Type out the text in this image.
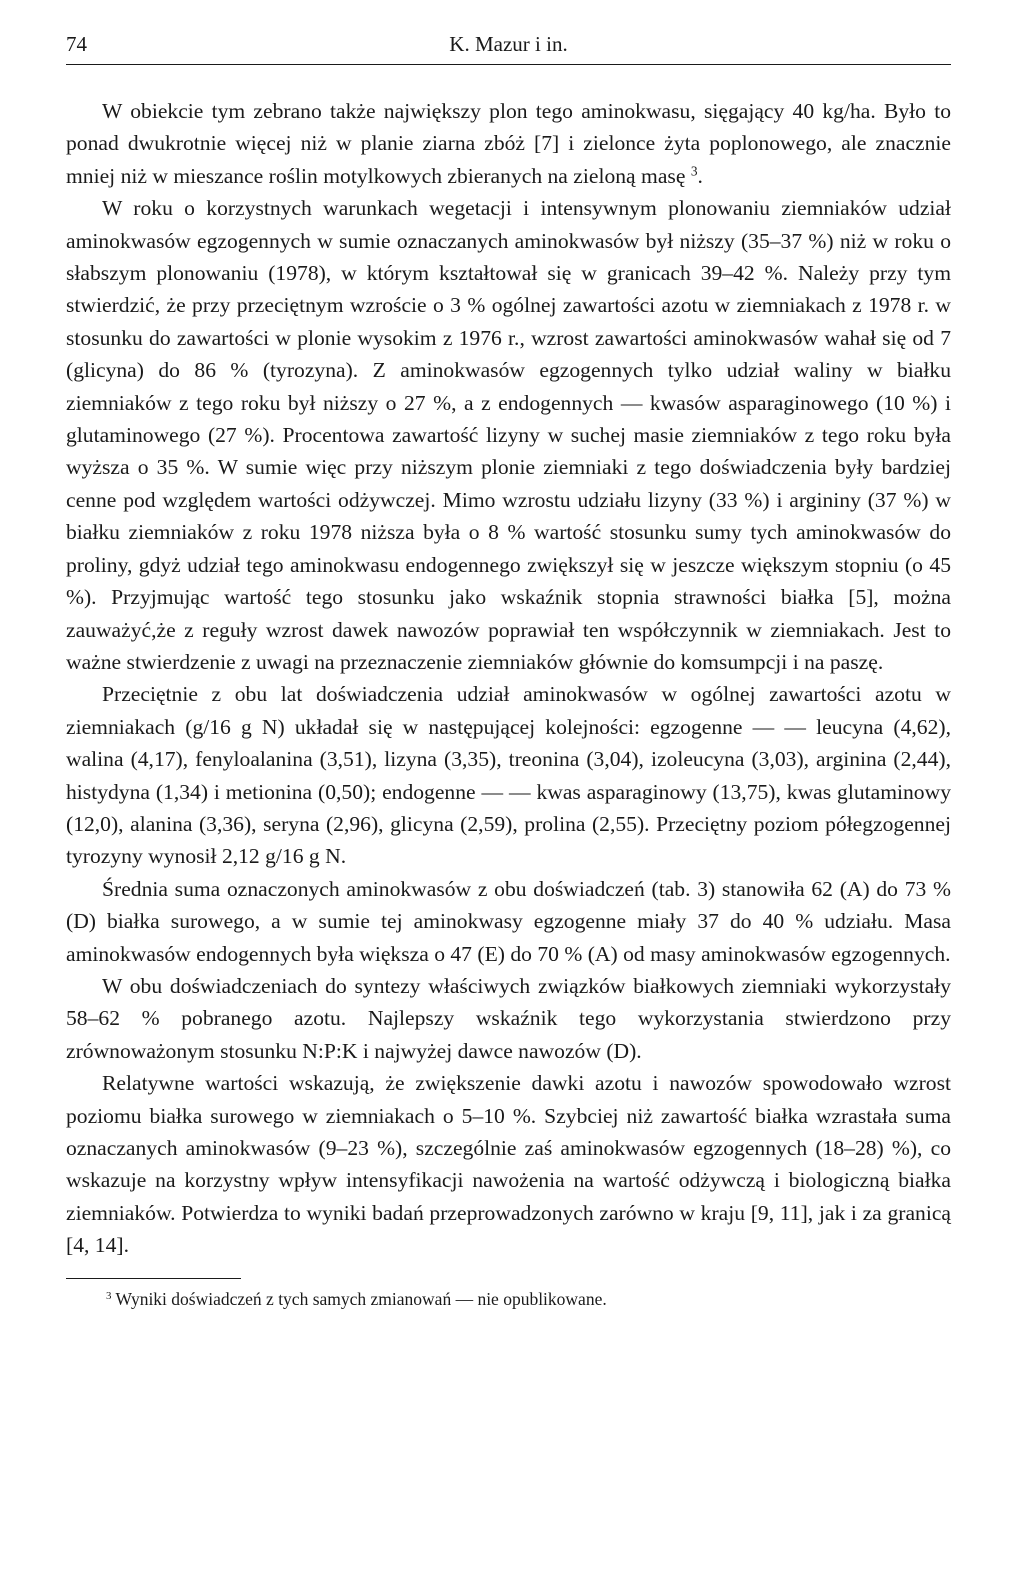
74	K. Mazur i in.

W obiekcie tym zebrano także największy plon tego aminokwasu, sięgający 40 kg/ha. Było to ponad dwukrotnie więcej niż w planie ziarna zbóż [7] i zielonce żyta poplonowego, ale znacznie mniej niż w mieszance roślin motylkowych zbieranych na zieloną masę $^3$.

W roku o korzystnych warunkach wegetacji i intensywnym plonowaniu ziemniaków udział aminokwasów egzogennych w sumie oznaczanych aminokwasów był niższy (35–37 %) niż w roku o słabszym plonowaniu (1978), w którym kształtował się w granicach 39–42 %. Należy przy tym stwierdzić, że przy przeciętnym wzroście o 3 % ogólnej zawartości azotu w ziemniakach z 1978 r. w stosunku do zawartości w plonie wysokim z 1976 r., wzrost zawartości aminokwasów wahał się od 7 (glicyna) do 86 % (tyrozyna). Z aminokwasów egzogennych tylko udział waliny w białku ziemniaków z tego roku był niższy o 27 %, a z endogennych — kwasów asparaginowego (10 %) i glutaminowego (27 %). Procentowa zawartość lizyny w suchej masie ziemniaków z tego roku była wyższa o 35 %. W sumie więc przy niższym plonie ziemniaki z tego doświadczenia były bardziej cenne pod względem wartości odżywczej. Mimo wzrostu udziału lizyny (33 %) i argininy (37 %) w białku ziemniaków z roku 1978 niższa była o 8 % wartość stosunku sumy tych aminokwasów do proliny, gdyż udział tego aminokwasu endogennego zwiększył się w jeszcze większym stopniu (o 45 %). Przyjmując wartość tego stosunku jako wskaźnik stopnia strawności białka [5], można zauważyć,że z reguły wzrost dawek nawozów poprawiał ten współczynnik w ziemniakach. Jest to ważne stwierdzenie z uwagi na przeznaczenie ziemniaków głównie do komsumpcji i na paszę.

Przeciętnie z obu lat doświadczenia udział aminokwasów w ogólnej zawartości azotu w ziemniakach (g/16 g N) układał się w następującej kolejności: egzogenne — — leucyna (4,62), walina (4,17), fenyloalanina (3,51), lizyna (3,35), treonina (3,04), izoleucyna (3,03), arginina (2,44), histydyna (1,34) i metionina (0,50); endogenne — — kwas asparaginowy (13,75), kwas glutaminowy (12,0), alanina (3,36), seryna (2,96), glicyna (2,59), prolina (2,55). Przeciętny poziom półegzogennej tyrozyny wynosił 2,12 g/16 g N.

Średnia suma oznaczonych aminokwasów z obu doświadczeń (tab. 3) stanowiła 62 (A) do 73 % (D) białka surowego, a w sumie tej aminokwasy egzogenne miały 37 do 40 % udziału. Masa aminokwasów endogennych była większa o 47 (E) do 70 % (A) od masy aminokwasów egzogennych.

W obu doświadczeniach do syntezy właściwych związków białkowych ziemniaki wykorzystały 58–62 % pobranego azotu. Najlepszy wskaźnik tego wykorzystania stwierdzono przy zrównoważonym stosunku N:P:K i najwyżej dawce nawozów (D).

Relatywne wartości wskazują, że zwiększenie dawki azotu i nawozów spowodowało wzrost poziomu białka surowego w ziemniakach o 5–10 %. Szybciej niż zawartość białka wzrastała suma oznaczanych aminokwasów (9–23 %), szczególnie zaś aminokwasów egzogennych (18–28) %), co wskazuje na korzystny wpływ intensyfikacji nawożenia na wartość odżywczą i biologiczną białka ziemniaków. Potwierdza to wyniki badań przeprowadzonych zarówno w kraju [9, 11], jak i za granicą [4, 14].

$^3$ Wyniki doświadczeń z tych samych zmianowań — nie opublikowane.
